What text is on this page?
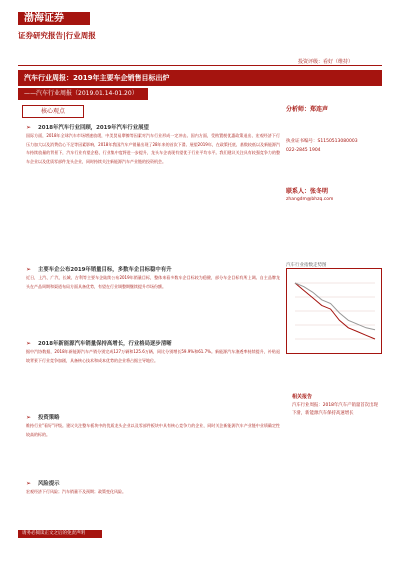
渤海证券
证券研究报告|行业周报
投资评级：看好（维持）
汽车行业周报：2019年主要车企销售目标出炉
——汽车行业周报（2019.01.14-01.20）
核心观点
➢ 2018年汽车行业回顾，2019年汽车行业展望
国际方面，2018年全球汽车市场增速放缓，中美贸易摩擦等因素对汽车行业形成一定冲击。国内方面，受购置税优惠政策退出、宏观经济下行压力加大以及消费信心不足等因素影响，2018年我国汽车产销量出现了28年来的首次下滑。展望2019年，在政策托底、基数较低以及新能源汽车持续放量的背景下，汽车行业有望企稳，行业集中度将进一步提升，龙头车企表现有望优于行业平均水平。我们建议关注具有较强竞争力的整车企业以及优质零部件龙头企业，同时持续关注新能源汽车产业链的投资机会。
➢ 主要车企公布2019年销量目标，多数车企目标稳中有升
近日，上汽、广汽、长城、吉利等主要车企陆续公布2019年销量目标，整体来看多数车企目标较为稳健，部分车企目标有所上调。自主品牌龙头在产品周期和渠道布局方面具备优势，有望在行业调整期继续提升市场份额。
➢ 2018年新能源汽车销量保持高增长，行业格局逐步清晰
据中汽协数据，2018年新能源汽车产销分别完成127万辆和125.6万辆，同比分别增长59.9%和61.7%。新能源汽车渗透率持续提升，补贴退坡背景下行业竞争加剧，具备核心技术和成本优势的企业将占据主导地位。
➢ 投资策略
维持行业"看好"评级。建议关注整车板块中的优质龙头企业以及零部件板块中具有核心竞争力的企业，同时关注新能源汽车产业链中业绩确定性较高的标的。
➢ 风险提示
宏观经济下行风险；汽车销量不及预期；政策变化风险。
分析师：郑连声
执业证书编号：S1150513080003
022-2845 1904
联系人：张冬明
zhangdm@bhzq.com
汽车行业指数走势图
相关报告
汽车行业周报：2018年汽车产销量首次出现下滑，新能源汽车保持高速增长
请务必阅读正文之后的免责声明
